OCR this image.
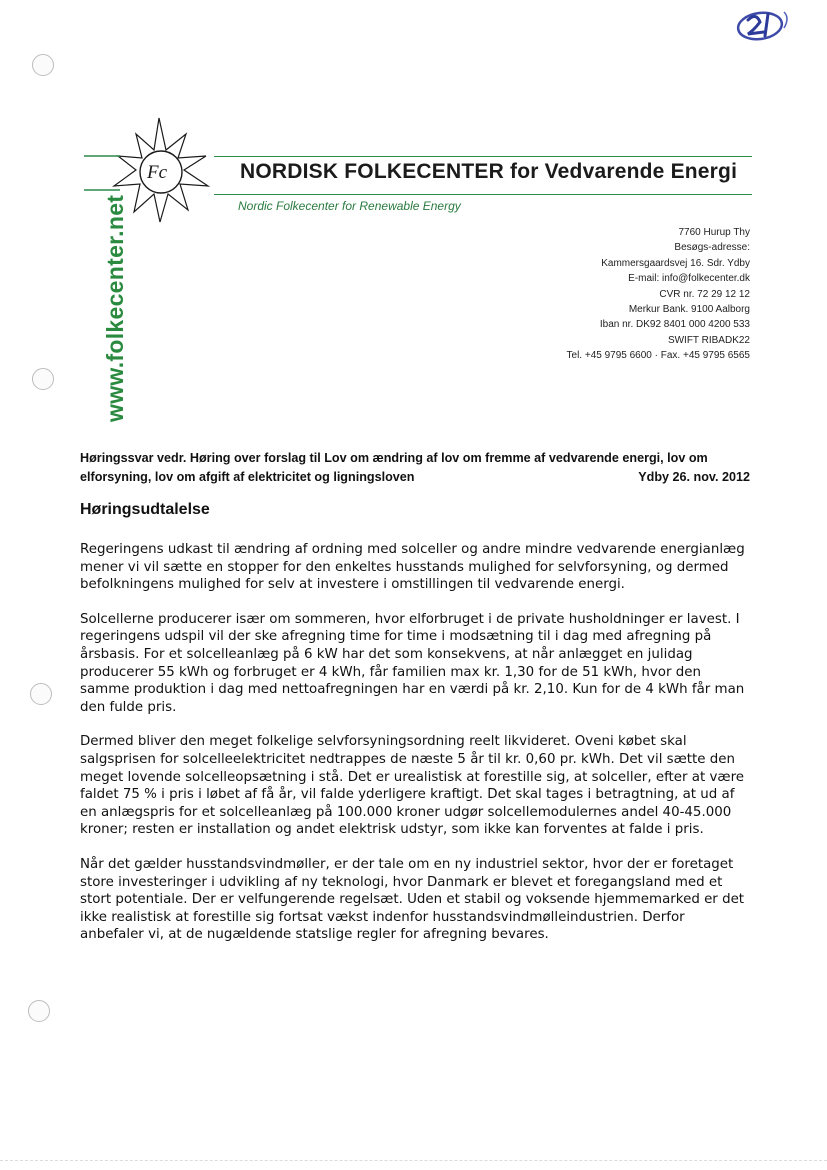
Fc	NORDISK FOLKECENTER for Vedvarende Energi
Nordic Folkecenter for Renewable Energy
www.folkecenter.net	7760 Hurup Thy
Besøgs-adresse:
Kammersgaardsvej 16. Sdr. Ydby
E-mail: info@folkecenter.dk
CVR nr. 72 29 12 12
Merkur Bank. 9100 Aalborg
Iban nr. DK92 8401 000 4200 533
SWIFT RIBADK22
Tel. +45 9795 6600 · Fax. +45 9795 6565
Høringssvar vedr. Høring over forslag til Lov om ændring af lov om fremme af vedvarende energi, lov om
elforsyning, lov om afgift af elektricitet og ligningsloven	Ydby 26. nov. 2012
Høringsudtalelse

Regeringens udkast til ændring af ordning med solceller og andre mindre vedvarende energianlæg mener vi vil sætte en stopper for den enkeltes husstands mulighed for selvforsyning, og dermed befolkningens mulighed for selv at investere i omstillingen til vedvarende energi.

Solcellerne producerer især om sommeren, hvor elforbruget i de private husholdninger er lavest. I regeringens udspil vil der ske afregning time for time i modsætning til i dag med afregning på årsbasis. For et solcelleanlæg på 6 kW har det som konsekvens, at når anlægget en julidag producerer 55 kWh og forbruget er 4 kWh, får familien max kr. 1,30 for de 51 kWh, hvor den samme produktion i dag med nettoafregningen har en værdi på kr. 2,10. Kun for de 4 kWh får man den fulde pris.

Dermed bliver den meget folkelige selvforsyningsordning reelt likvideret. Oveni købet skal salgsprisen for solcelleelektricitet nedtrappes de næste 5 år til kr. 0,60 pr. kWh. Det vil sætte den meget lovende solcelleopsætning i stå. Det er urealistisk at forestille sig, at solceller, efter at være faldet 75 % i pris i løbet af få år, vil falde yderligere kraftigt. Det skal tages i betragtning, at ud af en anlægspris for et solcelleanlæg på 100.000 kroner udgør solcellemodulernes andel 40-45.000 kroner; resten er installation og andet elektrisk udstyr, som ikke kan forventes at falde i pris.

Når det gælder husstandsvindmøller, er der tale om en ny industriel sektor, hvor der er foretaget store investeringer i udvikling af ny teknologi, hvor Danmark er blevet et foregangsland med et stort potentiale. Der er velfungerende regelsæt. Uden et stabil og voksende hjemmemarked er det ikke realistisk at forestille sig fortsat vækst indenfor husstandsvindmølleindustrien. Derfor anbefaler vi, at de nugældende statslige regler for afregning bevares.
